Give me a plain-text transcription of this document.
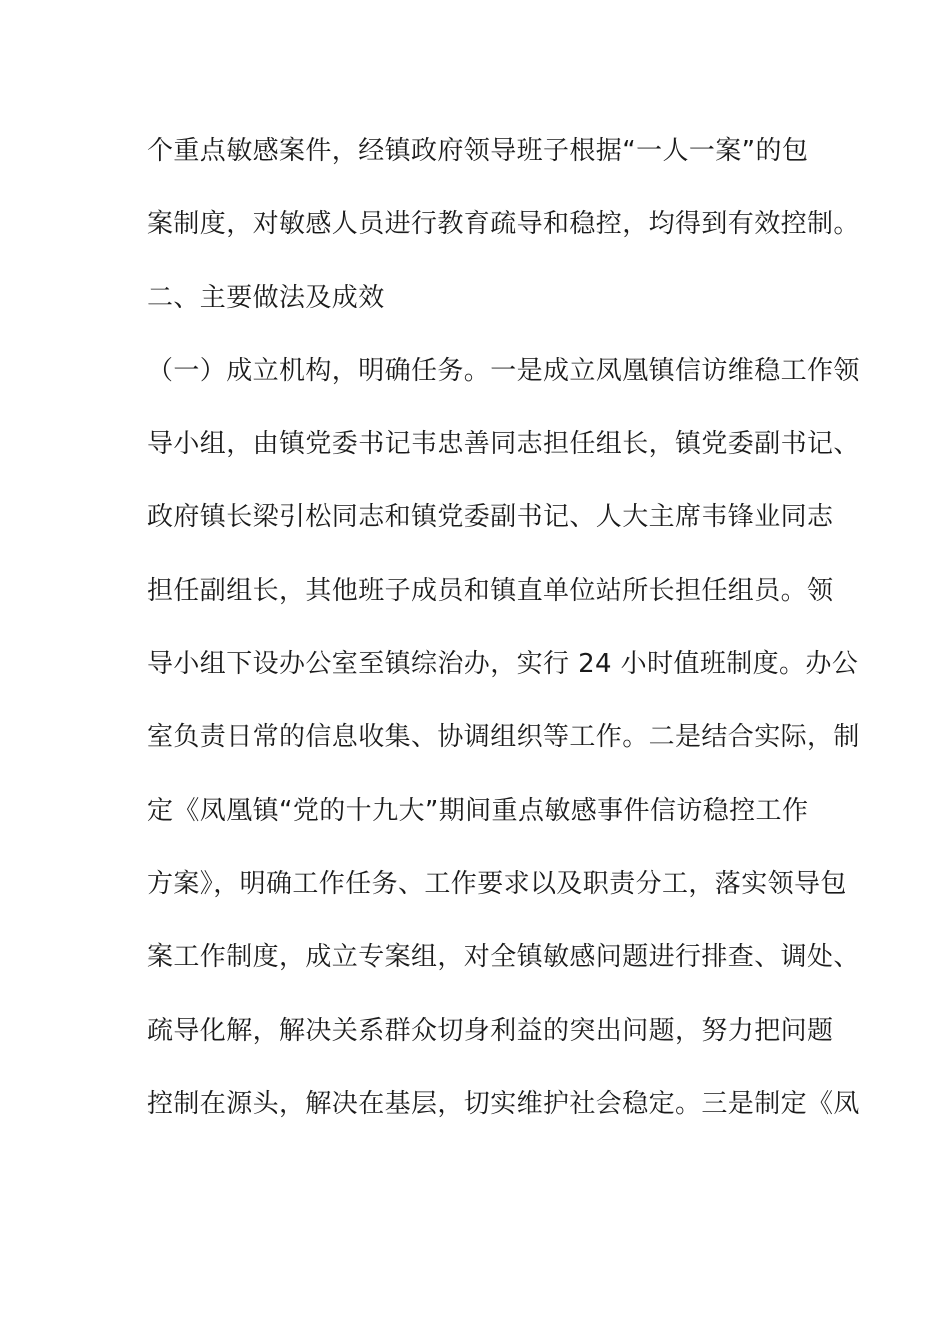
个重点敏感案件，经镇政府领导班子根据“一人一案”的包
案制度，对敏感人员进行教育疏导和稳控，均得到有效控制。
二、主要做法及成效
（一）成立机构，明确任务。一是成立凤凰镇信访维稳工作领
导小组，由镇党委书记韦忠善同志担任组长，镇党委副书记、
政府镇长梁引松同志和镇党委副书记、人大主席韦锋业同志
担任副组长，其他班子成员和镇直单位站所长担任组员。领
导小组下设办公室至镇综治办，实行 24 小时值班制度。办公
室负责日常的信息收集、协调组织等工作。二是结合实际，制
定《凤凰镇“党的十九大”期间重点敏感事件信访稳控工作
方案》，明确工作任务、工作要求以及职责分工，落实领导包
案工作制度，成立专案组，对全镇敏感问题进行排查、调处、
疏导化解，解决关系群众切身利益的突出问题，努力把问题
控制在源头，解决在基层，切实维护社会稳定。三是制定《凤
